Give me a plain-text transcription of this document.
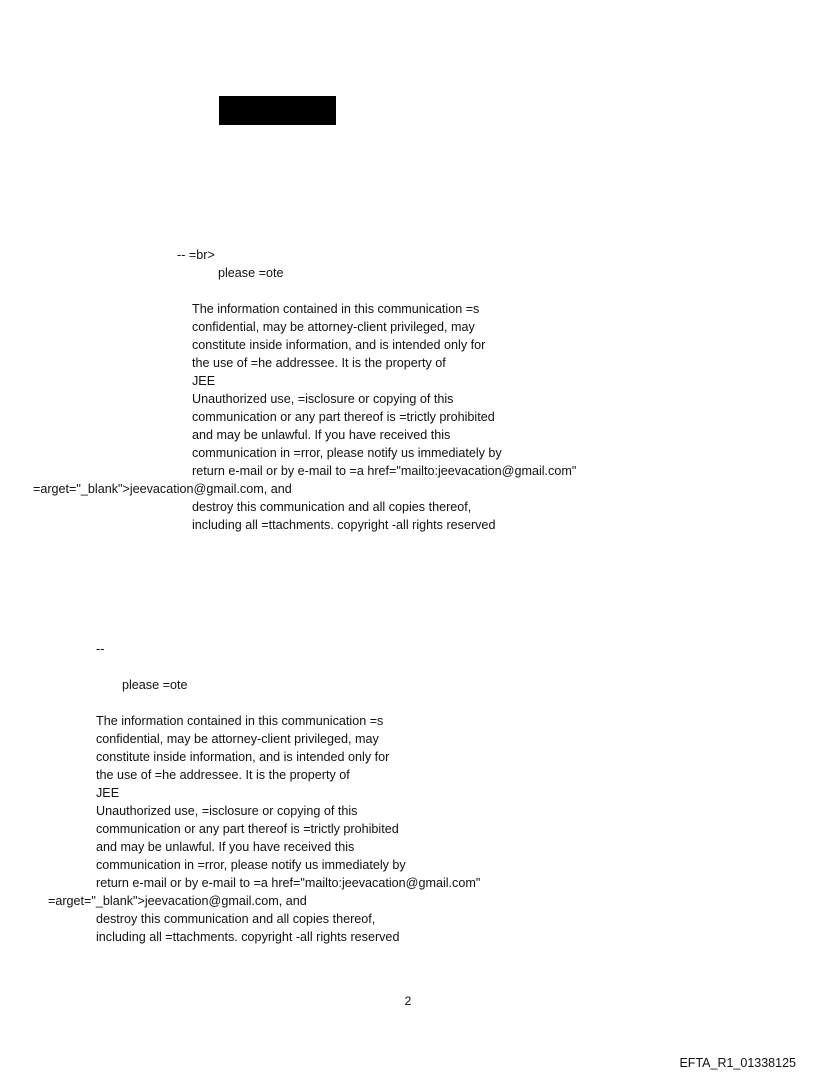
-- =br>
please =ote
The information contained in this communication =s
confidential, may be attorney-client privileged, may
constitute inside information, and is intended only for
the use of =he addressee. It is the property of
JEE
Unauthorized use, =isclosure or copying of this
communication or any part thereof is =trictly prohibited
and may be unlawful. If you have received this
communication in =rror, please notify us immediately by
return e-mail or by e-mail to =a href="mailto:jeevacation@gmail.com"
=arget="_blank">jeevacation@gmail.com, and
destroy this communication and all copies thereof,
including all =ttachments. copyright -all rights reserved
--
please =ote
The information contained in this communication =s
confidential, may be attorney-client privileged, may
constitute inside information, and is intended only for
the use of =he addressee. It is the property of
JEE
Unauthorized use, =isclosure or copying of this
communication or any part thereof is =trictly prohibited
and may be unlawful. If you have received this
communication in =rror, please notify us immediately by
return e-mail or by e-mail to =a href="mailto:jeevacation@gmail.com"
=arget="_blank">jeevacation@gmail.com, and
destroy this communication and all copies thereof,
including all =ttachments. copyright -all rights reserved
2
EFTA_R1_01338125
